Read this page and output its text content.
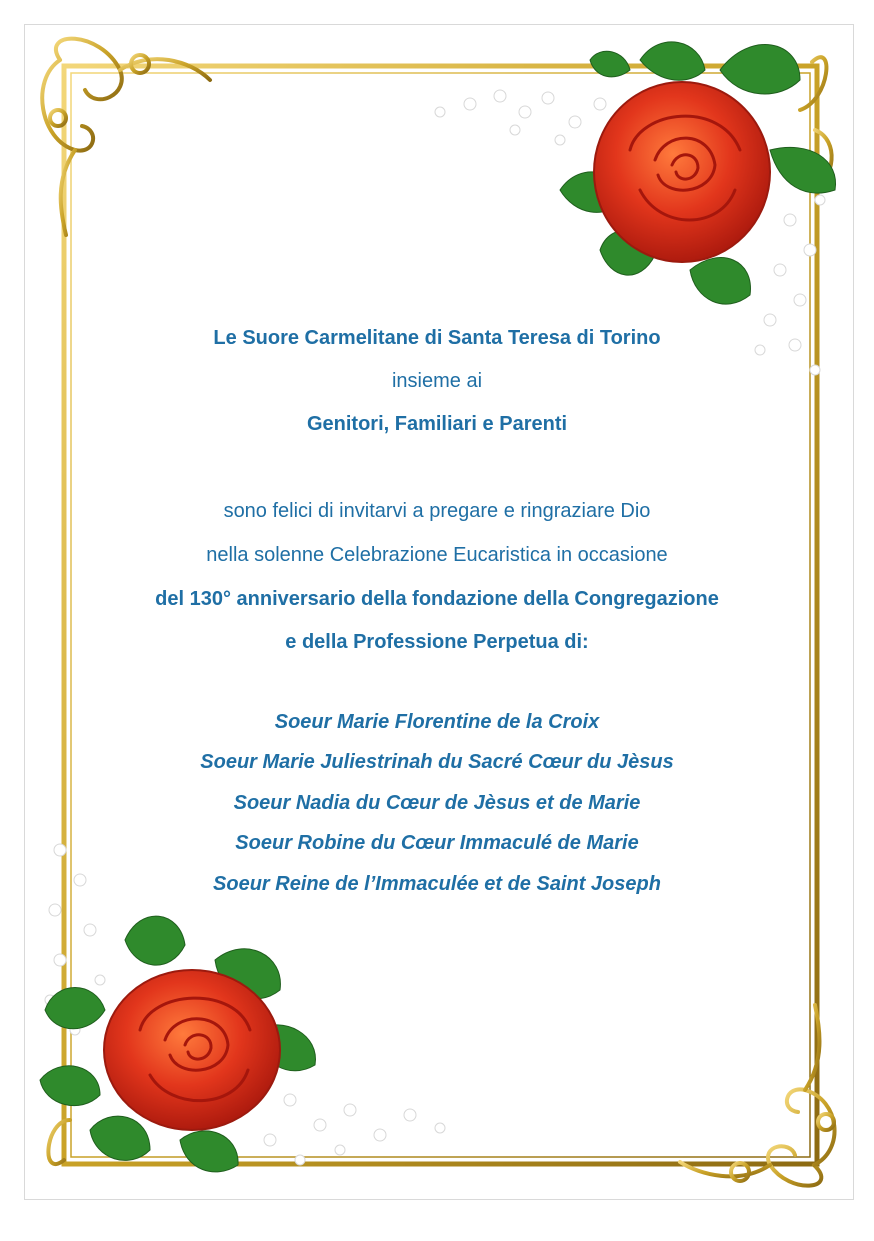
Le Suore Carmelitane di Santa Teresa di Torino
insieme ai
Genitori, Familiari e Parenti
sono felici di invitarvi a pregare e ringraziare Dio
nella solenne Celebrazione Eucaristica in occasione
del 130° anniversario della fondazione della Congregazione
e della Professione Perpetua di:
Soeur Marie Florentine de la Croix
Soeur Marie Juliestrinah du Sacré Cœur du Jèsus
Soeur Nadia du Cœur de Jèsus et de Marie
Soeur Robine du Cœur Immaculé de Marie
Soeur Reine de l’Immaculée et de Saint Joseph
